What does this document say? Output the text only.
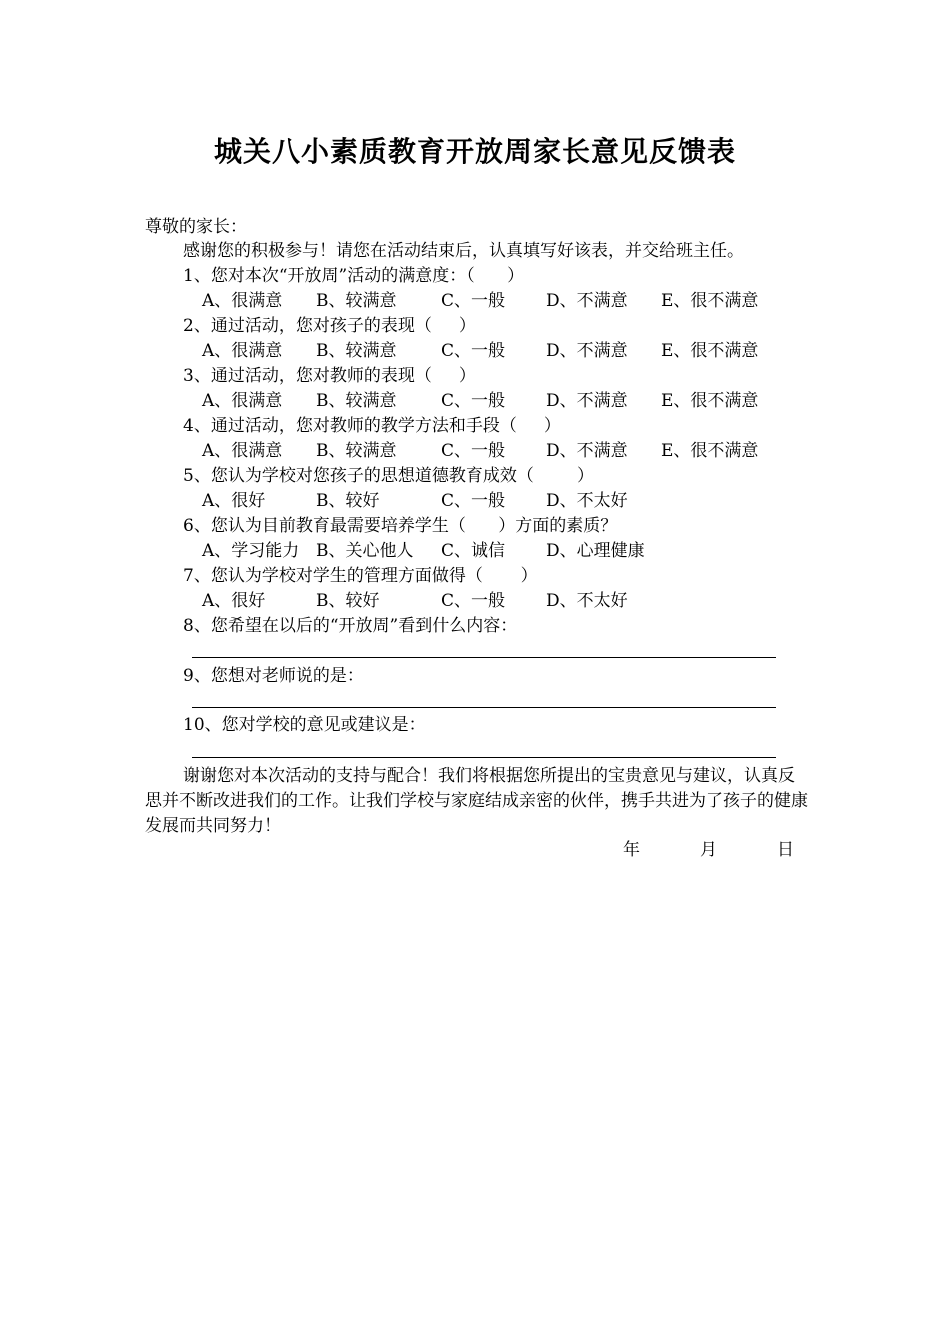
城关八小素质教育开放周家长意见反馈表
尊敬的家长：
感谢您的积极参与！请您在活动结束后，认真填写好该表，并交给班主任。
1、您对本次“开放周”活动的满意度：（      ）
A、很满意 B、较满意	C、一般 D、不满意 E、很不满意
2、通过活动，您对孩子的表现（     ）
A、很满意 B、较满意	C、一般 D、不满意 E、很不满意
3、通过活动，您对教师的表现（     ）
A、很满意 B、较满意	C、一般 D、不满意 E、很不满意
4、通过活动，您对教师的教学方法和手段（     ）
A、很满意 B、较满意	C、一般 D、不满意 E、很不满意
5、您认为学校对您孩子的思想道德教育成效（        ）
A、很好	B、较好	C、一般 D、不太好
6、您认为目前教育最需要培养学生（      ）方面的素质？
A、学习能力 B、关心他人 C、诚信 D、心理健康
7、您认为学校对学生的管理方面做得（       ）
A、很好	B、较好	C、一般 D、不太好
8、您希望在以后的“开放周”看到什么内容：
9、您想对老师说的是：
10、您对学校的意见或建议是：
谢谢您对本次活动的支持与配合！我们将根据您所提出的宝贵意见与建议，认真反思并不断改进我们的工作。让我们学校与家庭结成亲密的伙伴，携手共进为了孩子的健康发展而共同努力！
年	月	日
